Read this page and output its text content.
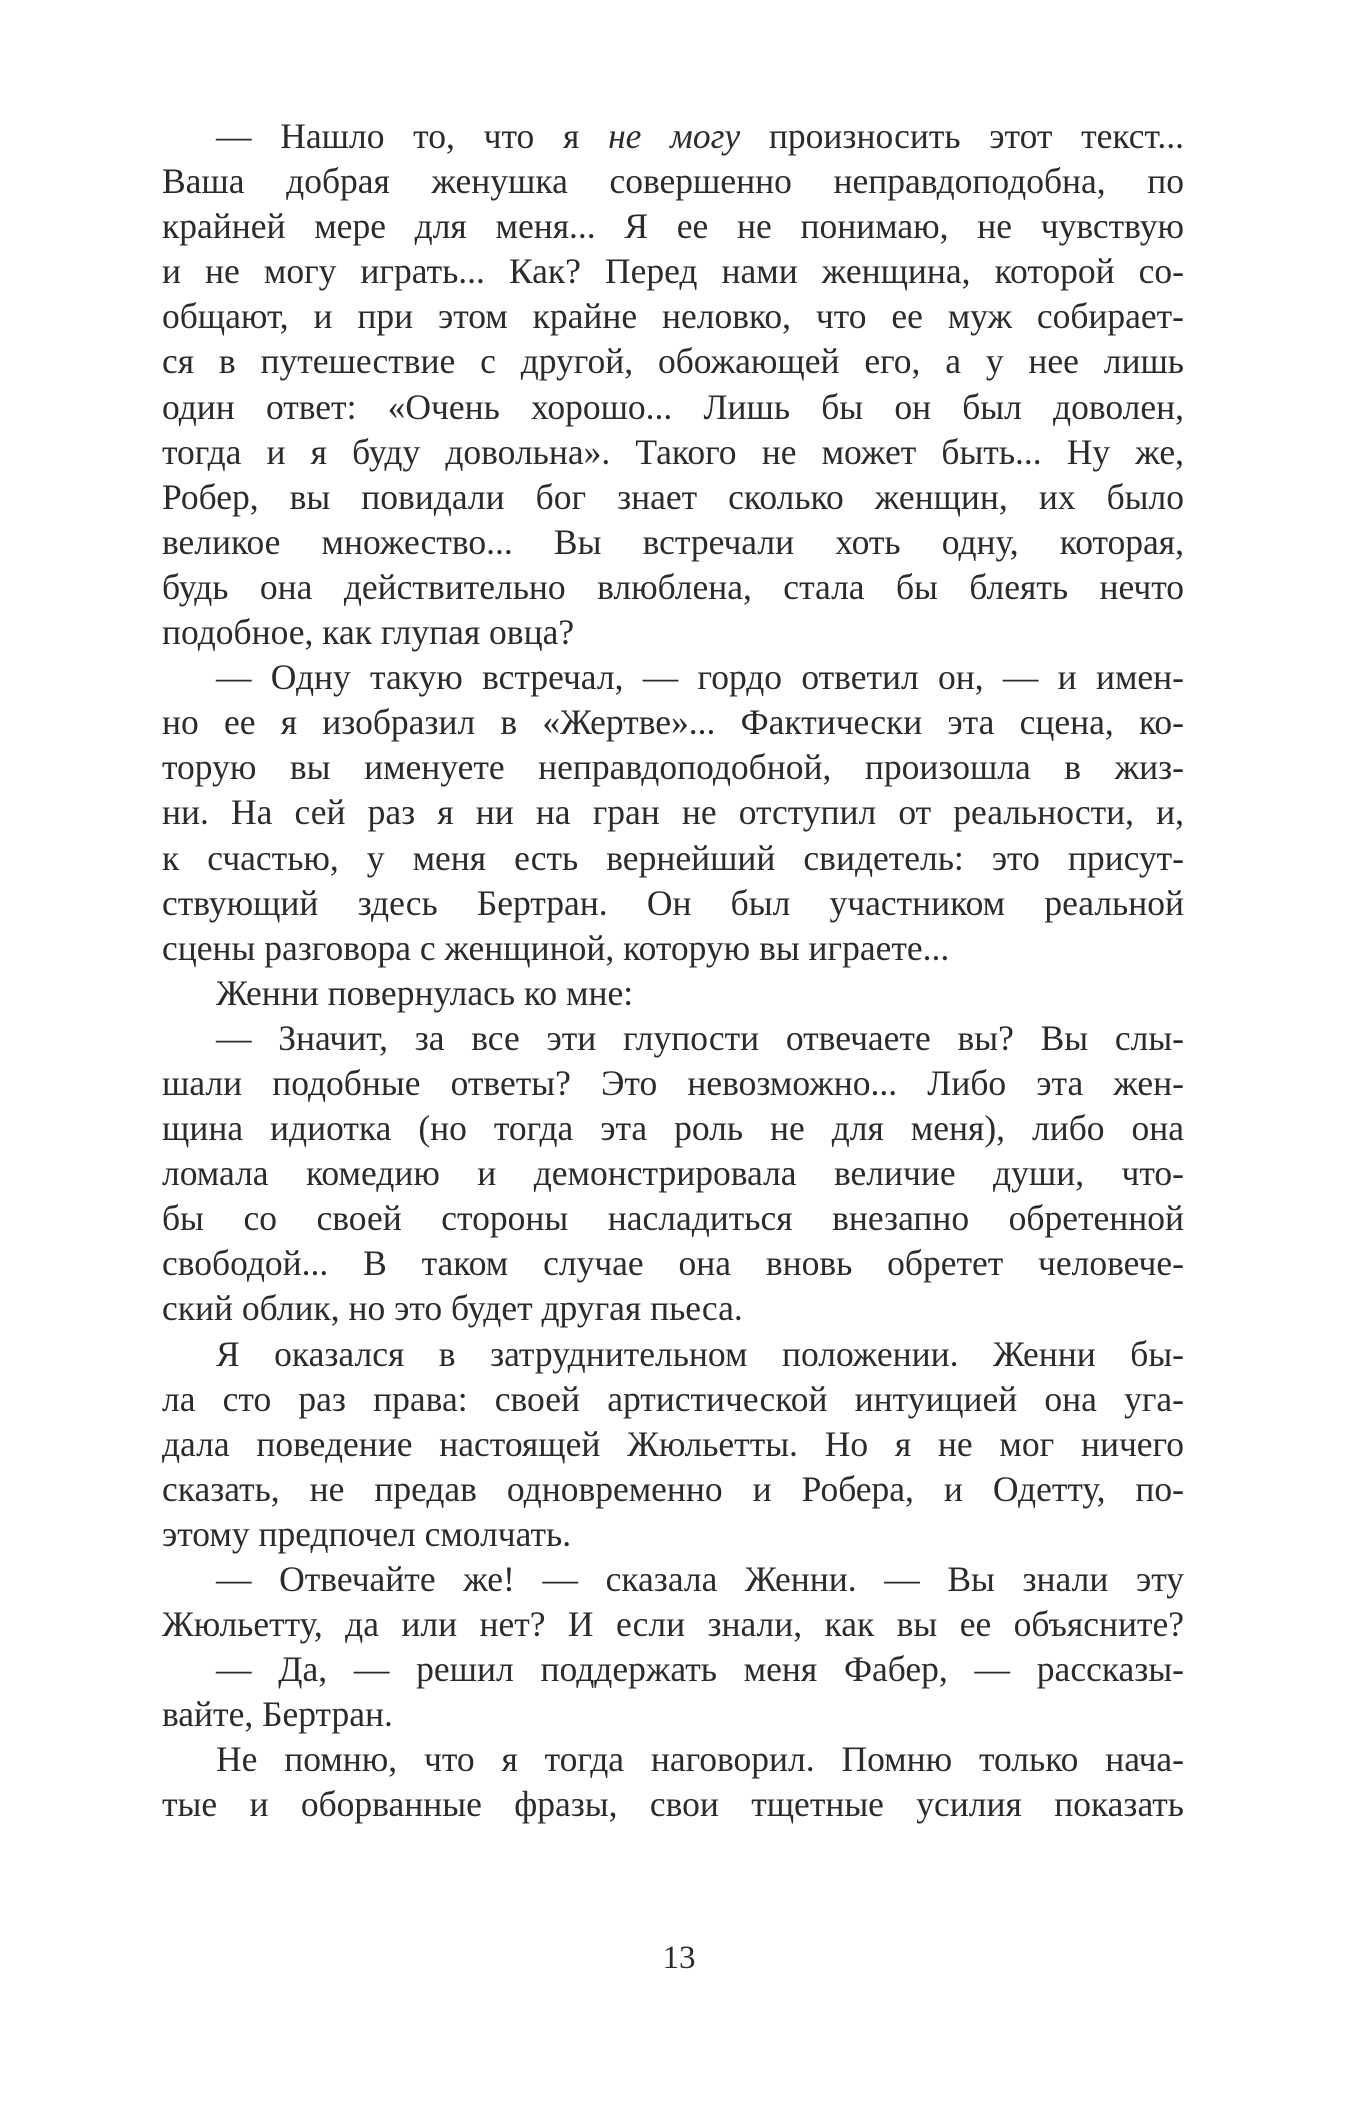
— Нашло то, что я не могу произносить этот текст...
Ваша добрая женушка совершенно неправдоподобна, по
крайней мере для меня... Я ее не понимаю, не чувствую
и не могу играть... Как? Перед нами женщина, которой со-
общают, и при этом крайне неловко, что ее муж собирает-
ся в путешествие с другой, обожающей его, а у нее лишь
один ответ: «Очень хорошо... Лишь бы он был доволен,
тогда и я буду довольна». Такого не может быть... Ну же,
Робер, вы повидали бог знает сколько женщин, их было
великое множество... Вы встречали хоть одну, которая,
будь она действительно влюблена, стала бы блеять нечто
подобное, как глупая овца?
— Одну такую встречал, — гордо ответил он, — и имен-
но ее я изобразил в «Жертве»... Фактически эта сцена, ко-
торую вы именуете неправдоподобной, произошла в жиз-
ни. На сей раз я ни на гран не отступил от реальности, и,
к счастью, у меня есть вернейший свидетель: это присут-
ствующий здесь Бертран. Он был участником реальной
сцены разговора с женщиной, которую вы играете...
Женни повернулась ко мне:
— Значит, за все эти глупости отвечаете вы? Вы слы-
шали подобные ответы? Это невозможно... Либо эта жен-
щина идиотка (но тогда эта роль не для меня), либо она
ломала комедию и демонстрировала величие души, что-
бы со своей стороны насладиться внезапно обретенной
свободой... В таком случае она вновь обретет человече-
ский облик, но это будет другая пьеса.
Я оказался в затруднительном положении. Женни бы-
ла сто раз права: своей артистической интуицией она уга-
дала поведение настоящей Жюльетты. Но я не мог ничего
сказать, не предав одновременно и Робера, и Одетту, по-
этому предпочел смолчать.
— Отвечайте же! — сказала Женни. — Вы знали эту
Жюльетту, да или нет? И если знали, как вы ее объясните?
— Да, — решил поддержать меня Фабер, — рассказы-
вайте, Бертран.
Не помню, что я тогда наговорил. Помню только нача-
тые и оборванные фразы, свои тщетные усилия показать
13
